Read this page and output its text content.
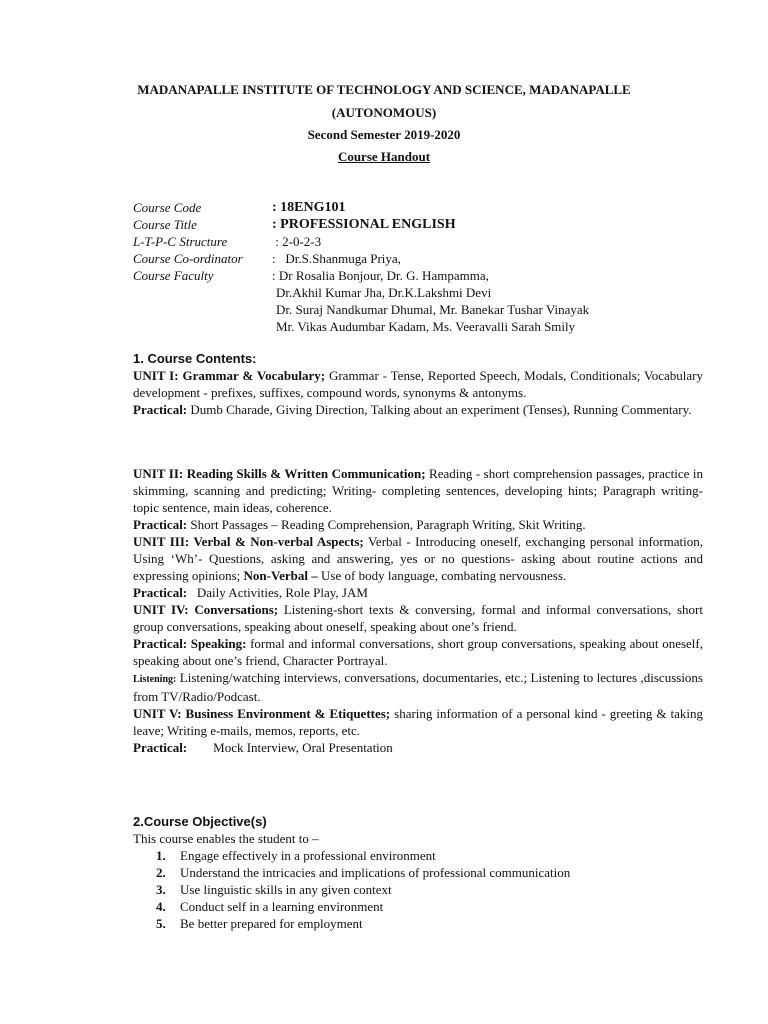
MADANAPALLE INSTITUTE OF TECHNOLOGY AND SCIENCE, MADANAPALLE
(AUTONOMOUS)
Second Semester 2019-2020
Course Handout
Course Code	: 18ENG101
Course Title	: PROFESSIONAL ENGLISH
L-T-P-C Structure	: 2-0-2-3
Course Co-ordinator :   Dr.S.Shanmuga Priya,
Course Faculty	: Dr Rosalia Bonjour, Dr. G. Hampamma,
Dr.Akhil Kumar Jha, Dr.K.Lakshmi Devi
Dr. Suraj Nandkumar Dhumal, Mr. Banekar Tushar Vinayak
Mr. Vikas Audumbar Kadam, Ms. Veeravalli Sarah Smily

1. Course Contents:

UNIT I: Grammar & Vocabulary; Grammar - Tense, Reported Speech, Modals, Conditionals; Vocabulary development - prefixes, suffixes, compound words, synonyms & antonyms.

Practical: Dumb Charade, Giving Direction, Talking about an experiment (Tenses), Running Commentary.

UNIT II: Reading Skills & Written Communication; Reading - short comprehension passages, practice in skimming, scanning and predicting; Writing- completing sentences, developing hints; Paragraph writing- topic sentence, main ideas, coherence.

Practical: Short Passages – Reading Comprehension, Paragraph Writing, Skit Writing.

UNIT III: Verbal & Non-verbal Aspects; Verbal - Introducing oneself, exchanging personal information, Using ‘Wh’- Questions, asking and answering, yes or no questions- asking about routine actions and expressing opinions; Non-Verbal – Use of body language, combating nervousness.

Practical:   Daily Activities, Role Play, JAM

UNIT IV: Conversations; Listening-short texts & conversing, formal and informal conversations, short group conversations, speaking about oneself, speaking about one’s friend.

Practical: Speaking: formal and informal conversations, short group conversations, speaking about oneself, speaking about one’s friend, Character Portrayal.

Listening: Listening/watching interviews, conversations, documentaries, etc.; Listening to lectures ,discussions from TV/Radio/Podcast.

UNIT V: Business Environment & Etiquettes; sharing information of a personal kind - greeting & taking leave; Writing e-mails, memos, reports, etc.

Practical:        Mock Interview, Oral Presentation

2.Course Objective(s)

This course enables the student to –

1. Engage effectively in a professional environment
2. Understand the intricacies and implications of professional communication
3. Use linguistic skills in any given context
4. Conduct self in a learning environment
5. Be better prepared for employment
